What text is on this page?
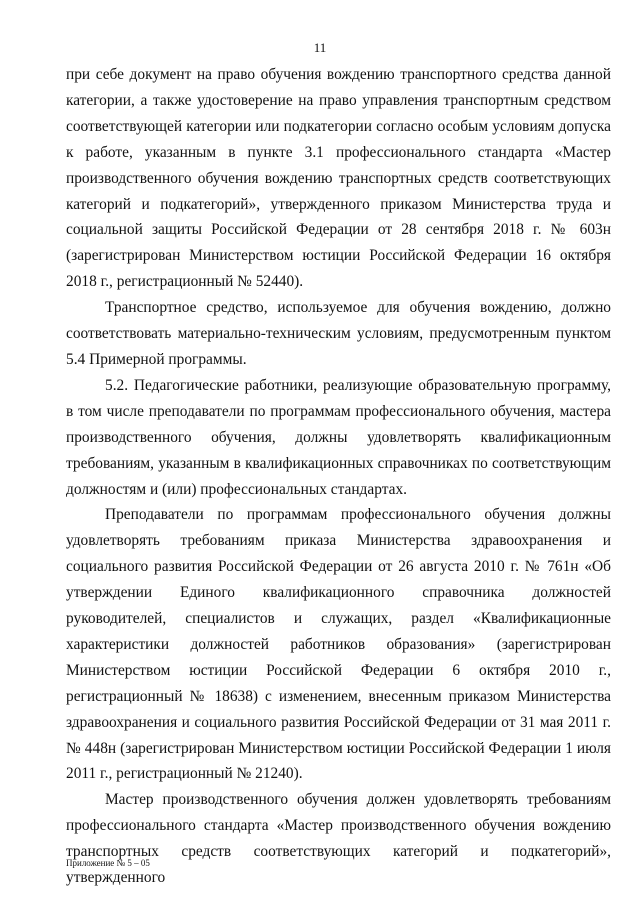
11

при себе документ на право обучения вождению транспортного средства данной категории, а также удостоверение на право управления транспортным средством соответствующей категории или подкатегории согласно особым условиям допуска к работе, указанным в пункте 3.1 профессионального стандарта «Мастер производственного обучения вождению транспортных средств соответствующих категорий и подкатегорий», утвержденного приказом Министерства труда и социальной защиты Российской Федерации от 28 сентября 2018 г. № 603н (зарегистрирован Министерством юстиции Российской Федерации 16 октября 2018 г., регистрационный № 52440).

Транспортное средство, используемое для обучения вождению, должно соответствовать материально-техническим условиям, предусмотренным пунктом 5.4 Примерной программы.

5.2. Педагогические работники, реализующие образовательную программу, в том числе преподаватели по программам профессионального обучения, мастера производственного обучения, должны удовлетворять квалификационным требованиям, указанным в квалификационных справочниках по соответствующим должностям и (или) профессиональных стандартах.

Преподаватели по программам профессионального обучения должны удовлетворять требованиям приказа Министерства здравоохранения и социального развития Российской Федерации от 26 августа 2010 г. № 761н «Об утверждении Единого квалификационного справочника должностей руководителей, специалистов и служащих, раздел «Квалификационные характеристики должностей работников образования» (зарегистрирован Министерством юстиции Российской Федерации 6 октября 2010 г., регистрационный № 18638) с изменением, внесенным приказом Министерства здравоохранения и социального развития Российской Федерации от 31 мая 2011 г. № 448н (зарегистрирован Министерством юстиции Российской Федерации 1 июля 2011 г., регистрационный № 21240).

Мастер производственного обучения должен удовлетворять требованиям профессионального стандарта «Мастер производственного обучения вождению транспортных средств соответствующих категорий и подкатегорий», утвержденного

Приложение № 5 – 05
